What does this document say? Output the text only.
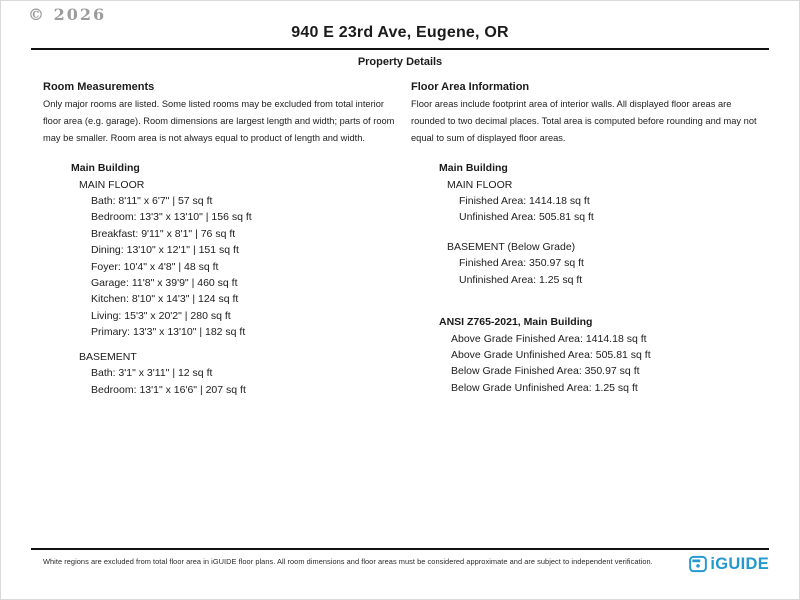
© 2026
940 E 23rd Ave, Eugene, OR
Property Details
Room Measurements

Only major rooms are listed. Some listed rooms may be excluded from total interior floor area (e.g. garage). Room dimensions are largest length and width; parts of room may be smaller. Room area is not always equal to product of length and width.

Main Building
MAIN FLOOR
Bath: 8'11" x 6'7" | 57 sq ft
Bedroom: 13'3" x 13'10" | 156 sq ft
Breakfast: 9'11" x 8'1" | 76 sq ft
Dining: 13'10" x 12'1" | 151 sq ft
Foyer: 10'4" x 4'8" | 48 sq ft
Garage: 11'8" x 39'9" | 460 sq ft
Kitchen: 8'10" x 14'3" | 124 sq ft
Living: 15'3" x 20'2" | 280 sq ft
Primary: 13'3" x 13'10" | 182 sq ft
BASEMENT
Bath: 3'1" x 3'11" | 12 sq ft
Bedroom: 13'1" x 16'6" | 207 sq ft
Floor Area Information

Floor areas include footprint area of interior walls. All displayed floor areas are rounded to two decimal places. Total area is computed before rounding and may not equal to sum of displayed floor areas.

Main Building
MAIN FLOOR
Finished Area: 1414.18 sq ft
Unfinished Area: 505.81 sq ft
BASEMENT (Below Grade)
Finished Area: 350.97 sq ft
Unfinished Area: 1.25 sq ft
ANSI Z765-2021, Main Building
Above Grade Finished Area: 1414.18 sq ft
Above Grade Unfinished Area: 505.81 sq ft
Below Grade Finished Area: 350.97 sq ft
Below Grade Unfinished Area: 1.25 sq ft
White regions are excluded from total floor area in iGUIDE floor plans. All room dimensions and floor areas must be considered approximate and are subject to independent verification.	iGUIDE
